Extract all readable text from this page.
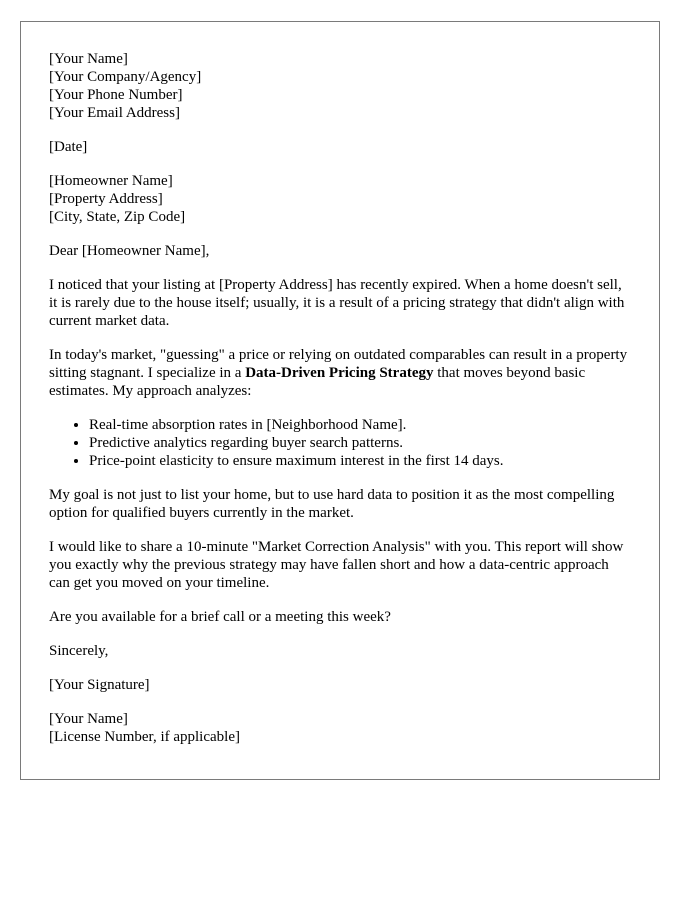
[Your Name]
[Your Company/Agency]
[Your Phone Number]
[Your Email Address]
[Date]
[Homeowner Name]
[Property Address]
[City, State, Zip Code]

Dear [Homeowner Name],

I noticed that your listing at [Property Address] has recently expired. When a home doesn't sell, it is rarely due to the house itself; usually, it is a result of a pricing strategy that didn't align with current market data.

In today's market, "guessing" a price or relying on outdated comparables can result in a property sitting stagnant. I specialize in a Data-Driven Pricing Strategy that moves beyond basic estimates. My approach analyzes:

• Real-time absorption rates in [Neighborhood Name].
• Predictive analytics regarding buyer search patterns.
• Price-point elasticity to ensure maximum interest in the first 14 days.

My goal is not just to list your home, but to use hard data to position it as the most compelling option for qualified buyers currently in the market.

I would like to share a 10-minute "Market Correction Analysis" with you. This report will show you exactly why the previous strategy may have fallen short and how a data-centric approach can get you moved on your timeline.

Are you available for a brief call or a meeting this week?

Sincerely,

[Your Signature]

[Your Name]
[License Number, if applicable]
